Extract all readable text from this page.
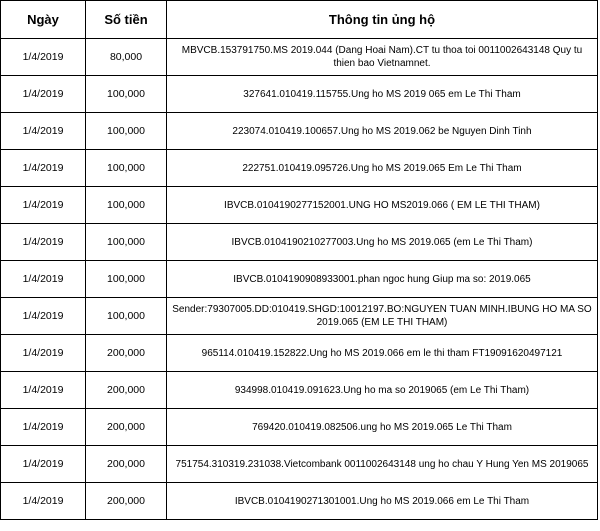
Ngày	Số tiền	Thông tin ủng hộ
1/4/2019	80,000	MBVCB.153791750.MS 2019.044 (Dang Hoai Nam).CT tu thoa toi 0011002643148 Quy tu thien bao Vietnamnet.
1/4/2019	100,000	327641.010419.115755.Ung ho MS 2019 065 em Le Thi Tham
1/4/2019	100,000	223074.010419.100657.Ung ho MS 2019.062 be Nguyen Dinh Tinh
1/4/2019	100,000	222751.010419.095726.Ung ho MS 2019.065 Em Le Thi Tham
1/4/2019	100,000	IBVCB.0104190277152001.UNG HO MS2019.066 ( EM LE THI THAM)
1/4/2019	100,000	IBVCB.0104190210277003.Ung ho MS 2019.065 (em Le Thi Tham)
1/4/2019	100,000	IBVCB.0104190908933001.phan ngoc hung Giup ma so: 2019.065
1/4/2019	100,000	Sender:79307005.DD:010419.SHGD:10012197.BO:NGUYEN TUAN MINH.IBUNG HO MA SO 2019.065 (EM LE THI THAM)
1/4/2019	200,000	965114.010419.152822.Ung ho MS 2019.066 em le thi tham FT19091620497121
1/4/2019	200,000	934998.010419.091623.Ung ho ma so 2019065 (em Le Thi Tham)
1/4/2019	200,000	769420.010419.082506.ung ho MS 2019.065 Le Thi Tham
1/4/2019	200,000	751754.310319.231038.Vietcombank 0011002643148 ung ho chau Y Hung Yen MS 2019065
1/4/2019	200,000	IBVCB.0104190271301001.Ung ho MS 2019.066 em Le Thi Tham
